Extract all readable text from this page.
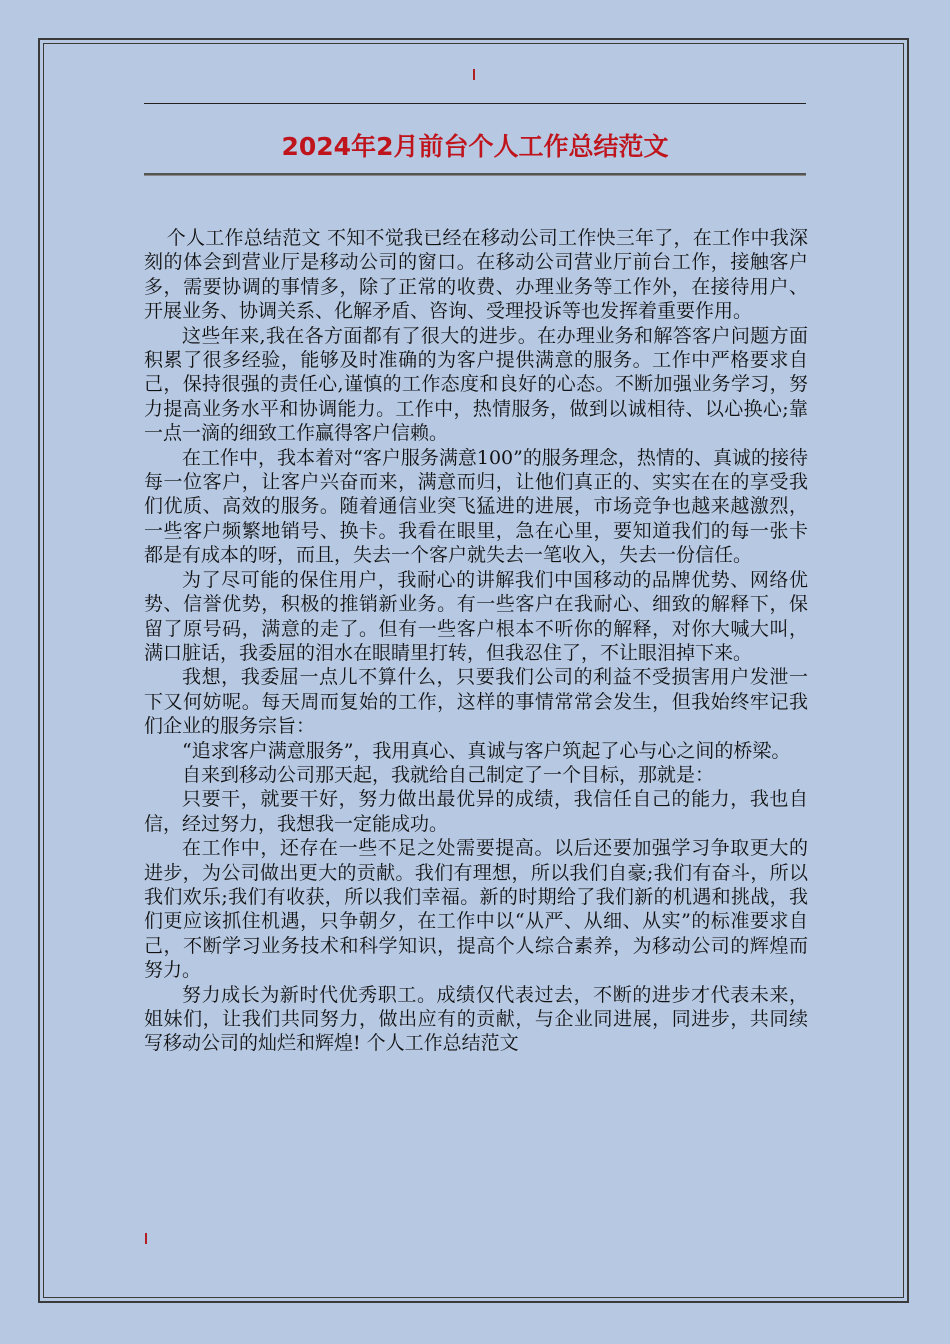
2024年2月前台个人工作总结范文

个人工作总结范文 不知不觉我已经在移动公司工作快三年了，在工作中我深刻的体会到营业厅是移动公司的窗口。在移动公司营业厅前台工作，接触客户多，需要协调的事情多，除了正常的收费、办理业务等工作外，在接待用户、开展业务、协调关系、化解矛盾、咨询、受理投诉等也发挥着重要作用。

这些年来,我在各方面都有了很大的进步。在办理业务和解答客户问题方面积累了很多经验，能够及时准确的为客户提供满意的服务。工作中严格要求自己，保持很强的责任心,谨慎的工作态度和良好的心态。不断加强业务学习，努力提高业务水平和协调能力。工作中，热情服务，做到以诚相待、以心换心;靠一点一滴的细致工作赢得客户信赖。

在工作中，我本着对“客户服务满意100”的服务理念，热情的、真诚的接待每一位客户，让客户兴奋而来，满意而归，让他们真正的、实实在在的享受我们优质、高效的服务。随着通信业突飞猛进的进展，市场竞争也越来越激烈，一些客户频繁地销号、换卡。我看在眼里，急在心里，要知道我们的每一张卡都是有成本的呀，而且，失去一个客户就失去一笔收入，失去一份信任。

为了尽可能的保住用户，我耐心的讲解我们中国移动的品牌优势、网络优势、信誉优势，积极的推销新业务。有一些客户在我耐心、细致的解释下，保留了原号码，满意的走了。但有一些客户根本不听你的解释，对你大喊大叫，满口脏话，我委屈的泪水在眼睛里打转，但我忍住了，不让眼泪掉下来。

我想，我委屈一点儿不算什么，只要我们公司的利益不受损害用户发泄一下又何妨呢。每天周而复始的工作，这样的事情常常会发生，但我始终牢记我们企业的服务宗旨：

“追求客户满意服务”，我用真心、真诚与客户筑起了心与心之间的桥梁。

自来到移动公司那天起，我就给自己制定了一个目标，那就是：

只要干，就要干好，努力做出最优异的成绩，我信任自己的能力，我也自信，经过努力，我想我一定能成功。

在工作中，还存在一些不足之处需要提高。以后还要加强学习争取更大的进步，为公司做出更大的贡献。我们有理想，所以我们自豪;我们有奋斗，所以我们欢乐;我们有收获，所以我们幸福。新的时期给了我们新的机遇和挑战，我们更应该抓住机遇，只争朝夕，在工作中以“从严、从细、从实”的标准要求自己，不断学习业务技术和科学知识，提高个人综合素养，为移动公司的辉煌而努力。

努力成长为新时代优秀职工。成绩仅代表过去，不断的进步才代表未来，姐妹们，让我们共同努力，做出应有的贡献，与企业同进展，同进步，共同续写移动公司的灿烂和辉煌! 个人工作总结范文
